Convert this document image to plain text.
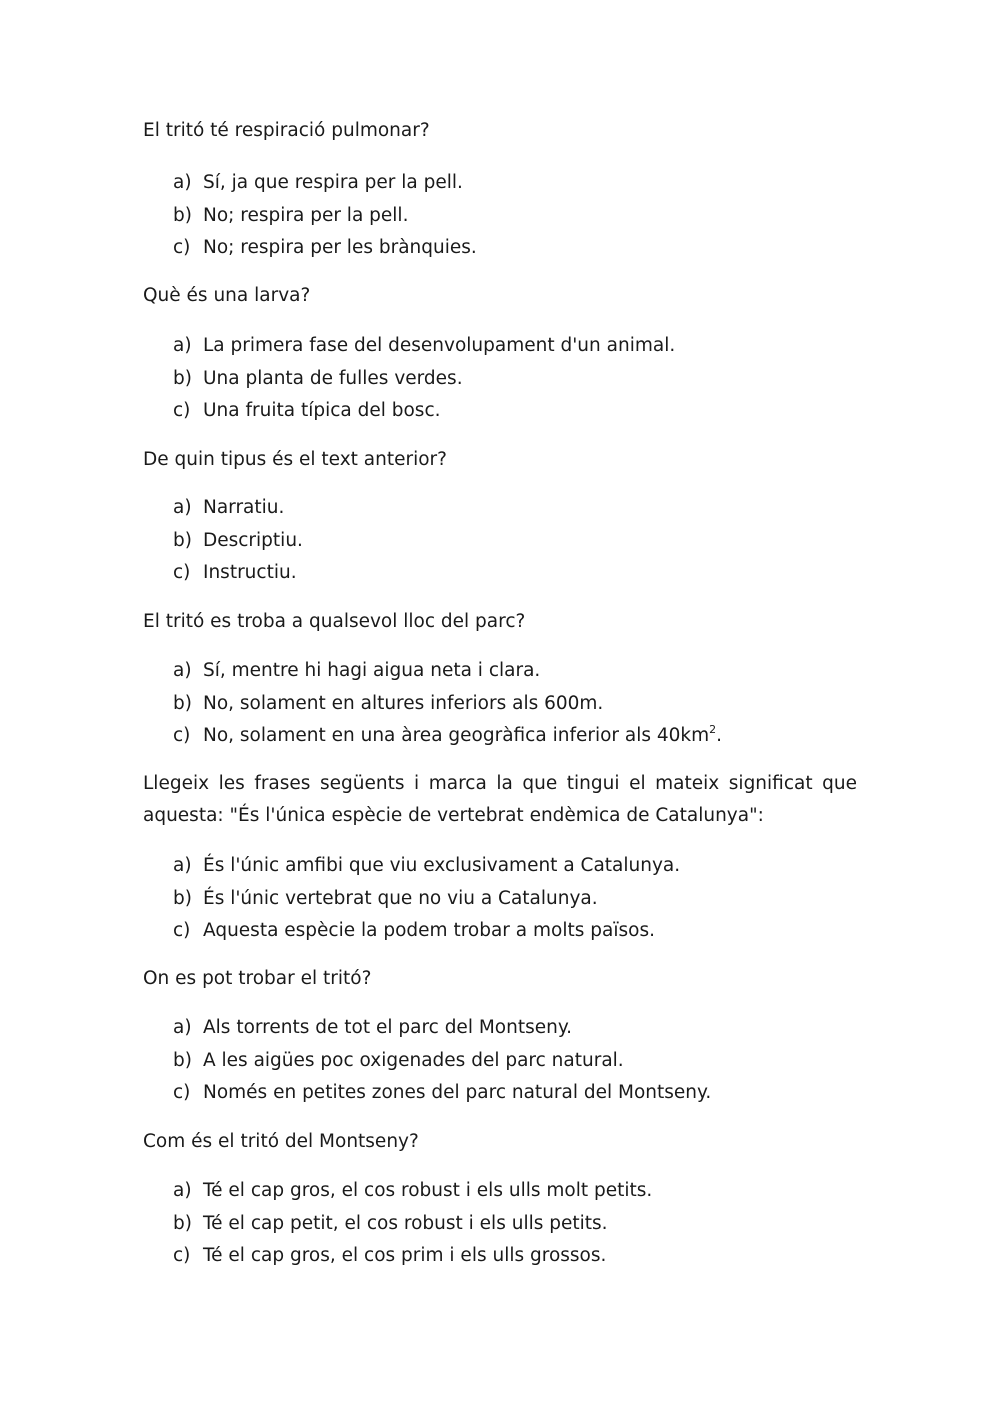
El tritó té respiració pulmonar?

a) Sí, ja que respira per la pell.
b) No; respira per la pell.
c) No; respira per les brànquies.

Què és una larva?

a) La primera fase del desenvolupament d'un animal.
b) Una planta de fulles verdes.
c) Una fruita típica del bosc.

De quin tipus és el text anterior?

a) Narratiu.
b) Descriptiu.
c) Instructiu.

El tritó es troba a qualsevol lloc del parc?

a) Sí, mentre hi hagi aigua neta i clara.
b) No, solament en altures inferiors als 600m.
c) No, solament en una àrea geogràfica inferior als $40km^2$.

Llegeix les frases següents i marca la que tingui el mateix significat que aquesta: "És l'única espècie de vertebrat endèmica de Catalunya":

a) És l'únic amfibi que viu exclusivament a Catalunya.
b) És l'únic vertebrat que no viu a Catalunya.
c) Aquesta espècie la podem trobar a molts països.

On es pot trobar el tritó?

a) Als torrents de tot el parc del Montseny.
b) A les aigües poc oxigenades del parc natural.
c) Només en petites zones del parc natural del Montseny.

Com és el tritó del Montseny?

a) Té el cap gros, el cos robust i els ulls molt petits.
b) Té el cap petit, el cos robust i els ulls petits.
c) Té el cap gros, el cos prim i els ulls grossos.
